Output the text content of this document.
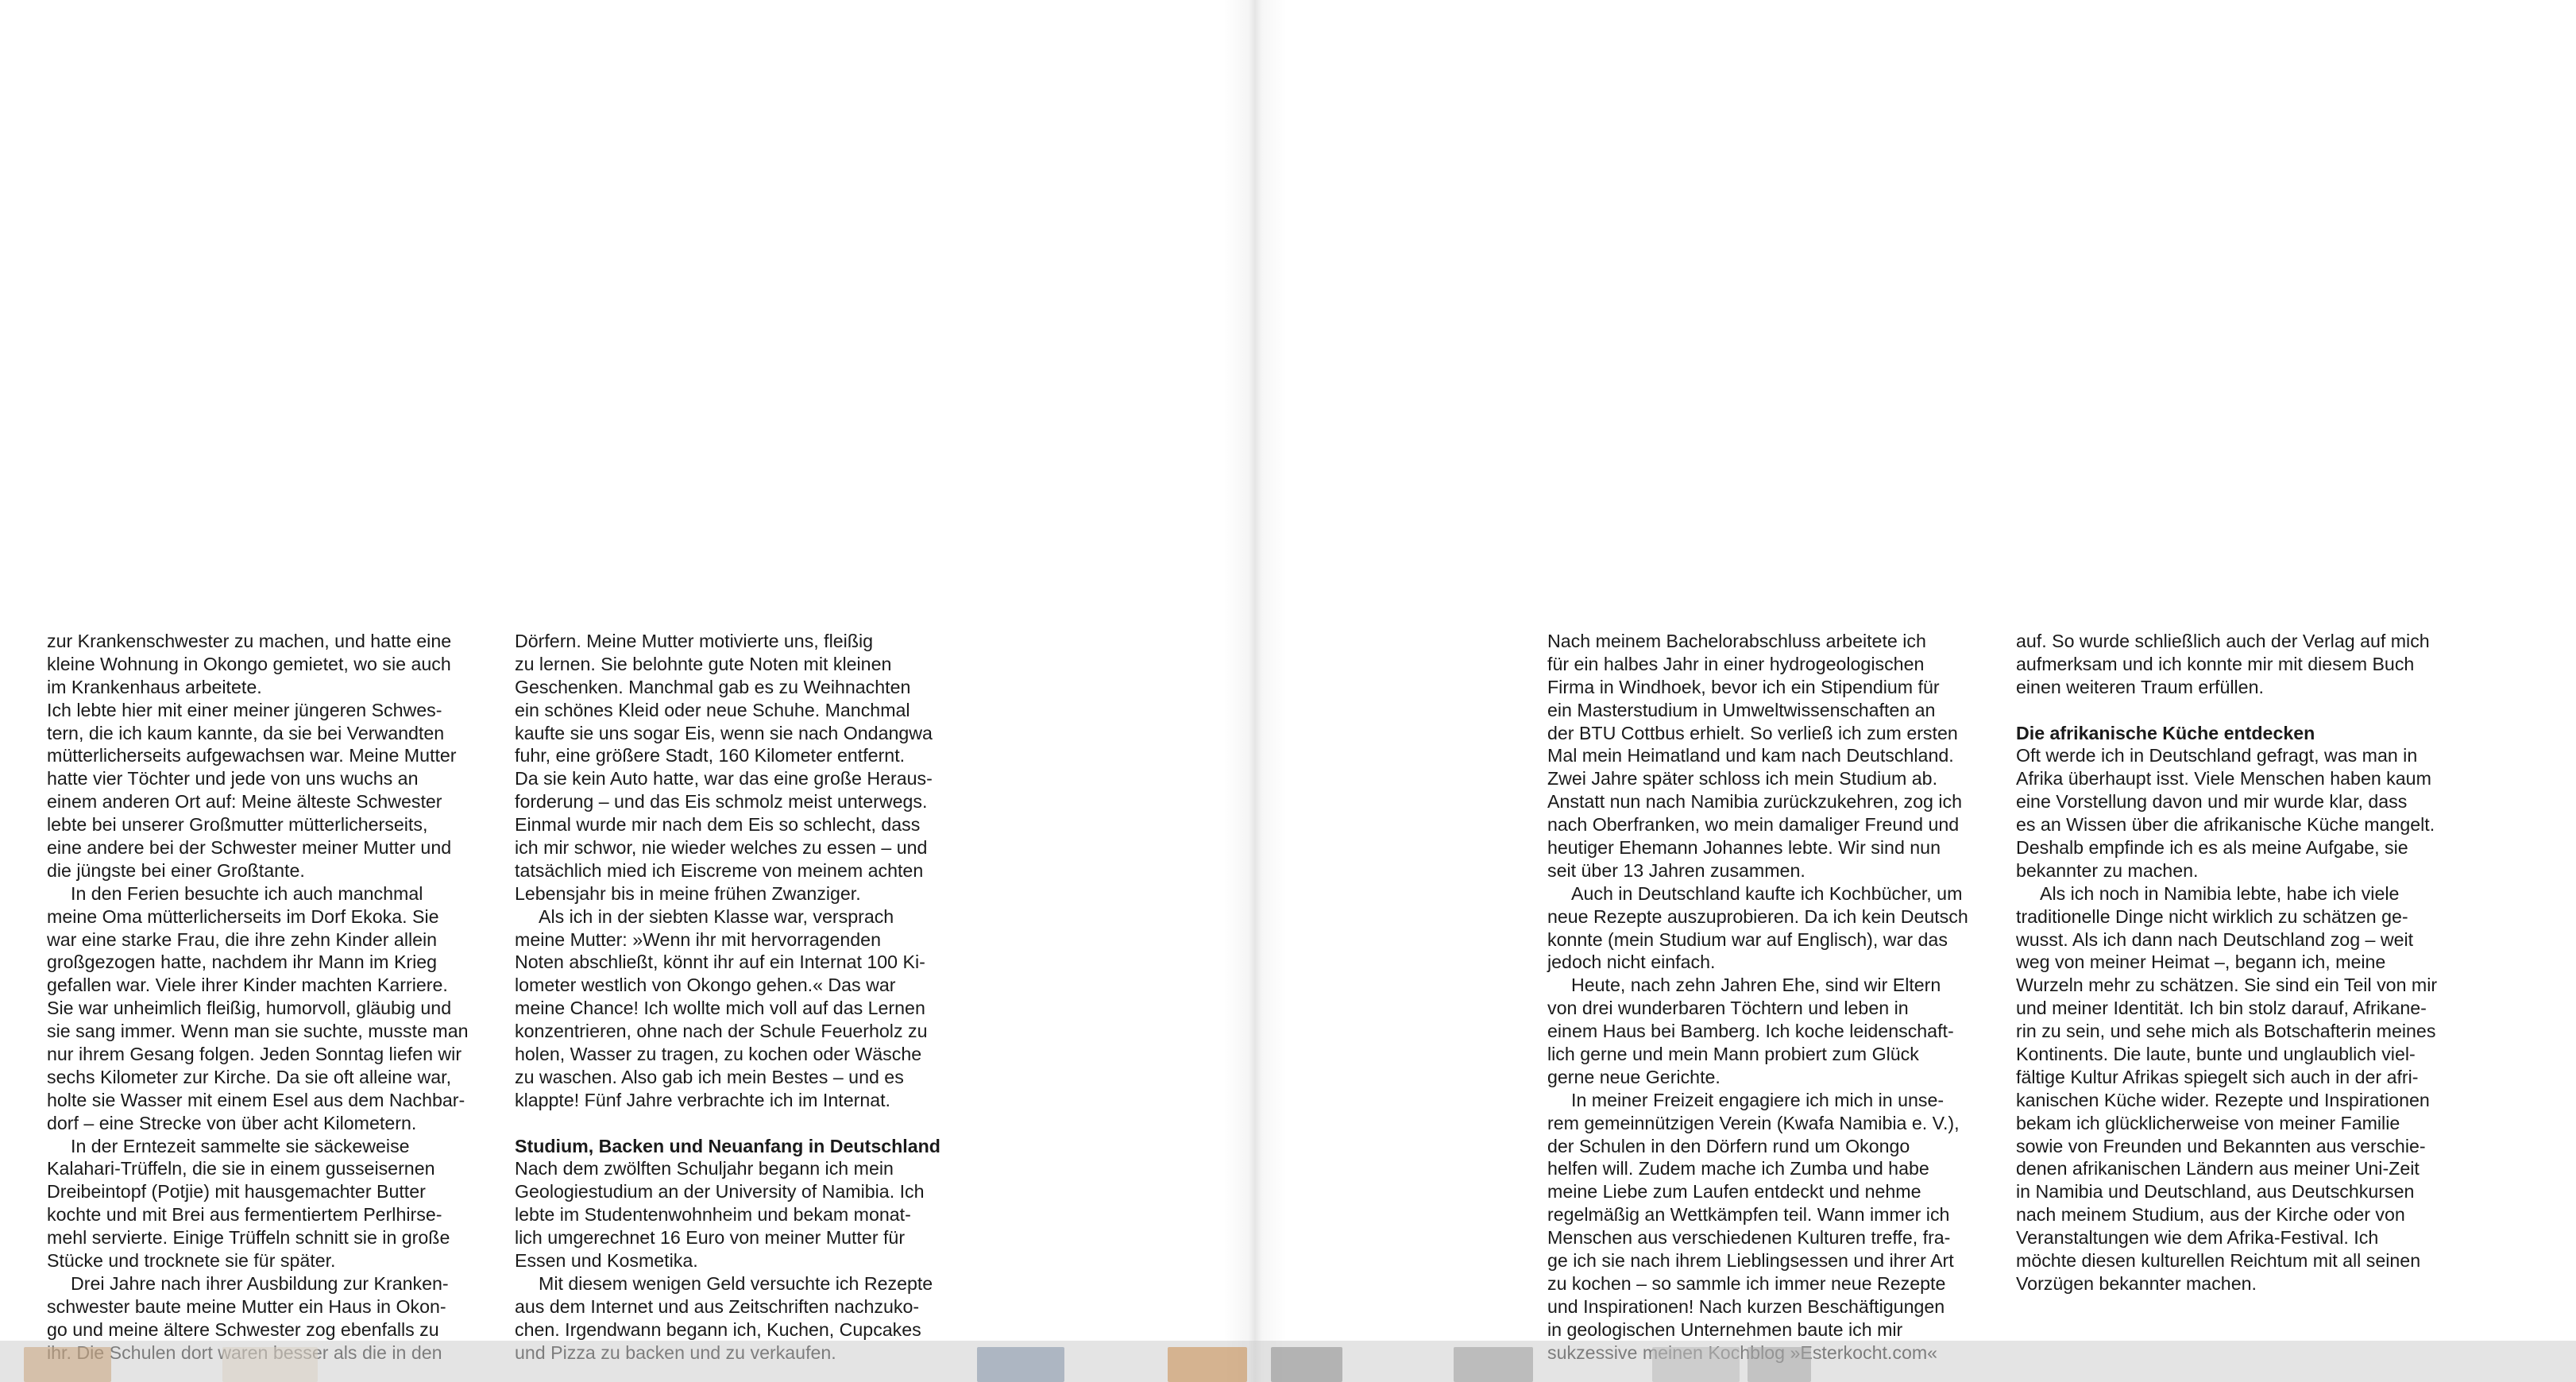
zur Krankenschwester zu machen, und hatte eine
kleine Wohnung in Okongo gemietet, wo sie auch
im Krankenhaus arbeitete.
Ich lebte hier mit einer meiner jüngeren Schwes-
tern, die ich kaum kannte, da sie bei Verwandten
mütterlicherseits aufgewachsen war. Meine Mutter
hatte vier Töchter und jede von uns wuchs an
einem anderen Ort auf: Meine älteste Schwester
lebte bei unserer Großmutter mütterlicherseits,
eine andere bei der Schwester meiner Mutter und
die jüngste bei einer Großtante.
In den Ferien besuchte ich auch manchmal
meine Oma mütterlicherseits im Dorf Ekoka. Sie
war eine starke Frau, die ihre zehn Kinder allein
großgezogen hatte, nachdem ihr Mann im Krieg
gefallen war. Viele ihrer Kinder machten Karriere.
Sie war unheimlich fleißig, humorvoll, gläubig und
sie sang immer. Wenn man sie suchte, musste man
nur ihrem Gesang folgen. Jeden Sonntag liefen wir
sechs Kilometer zur Kirche. Da sie oft alleine war,
holte sie Wasser mit einem Esel aus dem Nachbar-
dorf – eine Strecke von über acht Kilometern.
In der Erntezeit sammelte sie säckeweise
Kalahari-Trüffeln, die sie in einem gusseisernen
Dreibeintopf (Potjie) mit hausgemachter Butter
kochte und mit Brei aus fermentiertem Perlhirse-
mehl servierte. Einige Trüffeln schnitt sie in große
Stücke und trocknete sie für später.
Drei Jahre nach ihrer Ausbildung zur Kranken-
schwester baute meine Mutter ein Haus in Okon-
go und meine ältere Schwester zog ebenfalls zu
Dörfern. Meine Mutter motivierte uns, fleißig
zu lernen. Sie belohnte gute Noten mit kleinen
Geschenken. Manchmal gab es zu Weihnachten
ein schönes Kleid oder neue Schuhe. Manchmal
kaufte sie uns sogar Eis, wenn sie nach Ondangwa
fuhr, eine größere Stadt, 160 Kilometer entfernt.
Da sie kein Auto hatte, war das eine große Heraus-
forderung – und das Eis schmolz meist unterwegs.
Einmal wurde mir nach dem Eis so schlecht, dass
ich mir schwor, nie wieder welches zu essen – und
tatsächlich mied ich Eiscreme von meinem achten
Lebensjahr bis in meine frühen Zwanziger.
Als ich in der siebten Klasse war, versprach
meine Mutter: »Wenn ihr mit hervorragenden
Noten abschließt, könnt ihr auf ein Internat 100 Ki-
lometer westlich von Okongo gehen.« Das war
meine Chance! Ich wollte mich voll auf das Lernen
konzentrieren, ohne nach der Schule Feuerholz zu
holen, Wasser zu tragen, zu kochen oder Wäsche
zu waschen. Also gab ich mein Bestes – und es
klappte! Fünf Jahre verbrachte ich im Internat.
Studium, Backen und Neuanfang in Deutschland
Nach dem zwölften Schuljahr begann ich mein
Geologiestudium an der University of Namibia. Ich
lebte im Studentenwohnheim und bekam monat-
lich umgerechnet 16 Euro von meiner Mutter für
Essen und Kosmetika.
Mit diesem wenigen Geld versuchte ich Rezepte
aus dem Internet und aus Zeitschriften nachzuko-
chen. Irgendwann begann ich, Kuchen, Cupcakes
Nach meinem Bachelorabschluss arbeitete ich
für ein halbes Jahr in einer hydrogeologischen
Firma in Windhoek, bevor ich ein Stipendium für
ein Masterstudium in Umweltwissenschaften an
der BTU Cottbus erhielt. So verließ ich zum ersten
Mal mein Heimatland und kam nach Deutschland.
Zwei Jahre später schloss ich mein Studium ab.
Anstatt nun nach Namibia zurückzukehren, zog ich
nach Oberfranken, wo mein damaliger Freund und
heutiger Ehemann Johannes lebte. Wir sind nun
seit über 13 Jahren zusammen.
Auch in Deutschland kaufte ich Kochbücher, um
neue Rezepte auszuprobieren. Da ich kein Deutsch
konnte (mein Studium war auf Englisch), war das
jedoch nicht einfach.
Heute, nach zehn Jahren Ehe, sind wir Eltern
von drei wunderbaren Töchtern und leben in
einem Haus bei Bamberg. Ich koche leidenschaft-
lich gerne und mein Mann probiert zum Glück
gerne neue Gerichte.
In meiner Freizeit engagiere ich mich in unse-
rem gemeinnützigen Verein (Kwafa Namibia e. V.),
der Schulen in den Dörfern rund um Okongo
helfen will. Zudem mache ich Zumba und habe
meine Liebe zum Laufen entdeckt und nehme
regelmäßig an Wettkämpfen teil. Wann immer ich
Menschen aus verschiedenen Kulturen treffe, fra-
ge ich sie nach ihrem Lieblingsessen und ihrer Art
zu kochen – so sammle ich immer neue Rezepte
und Inspirationen! Nach kurzen Beschäftigungen
in geologischen Unternehmen baute ich mir
auf. So wurde schließlich auch der Verlag auf mich
aufmerksam und ich konnte mir mit diesem Buch
einen weiteren Traum erfüllen.
Die afrikanische Küche entdecken
Oft werde ich in Deutschland gefragt, was man in
Afrika überhaupt isst. Viele Menschen haben kaum
eine Vorstellung davon und mir wurde klar, dass
es an Wissen über die afrikanische Küche mangelt.
Deshalb empfinde ich es als meine Aufgabe, sie
bekannter zu machen.
Als ich noch in Namibia lebte, habe ich viele
traditionelle Dinge nicht wirklich zu schätzen ge-
wusst. Als ich dann nach Deutschland zog – weit
weg von meiner Heimat –, begann ich, meine
Wurzeln mehr zu schätzen. Sie sind ein Teil von mir
und meiner Identität. Ich bin stolz darauf, Afrikane-
rin zu sein, und sehe mich als Botschafterin meines
Kontinents. Die laute, bunte und unglaublich viel-
fältige Kultur Afrikas spiegelt sich auch in der afri-
kanischen Küche wider. Rezepte und Inspirationen
bekam ich glücklicherweise von meiner Familie
sowie von Freunden und Bekannten aus verschie-
denen afrikanischen Ländern aus meiner Uni-Zeit
in Namibia und Deutschland, aus Deutschkursen
nach meinem Studium, aus der Kirche oder von
Veranstaltungen wie dem Afrika-Festival. Ich
möchte diesen kulturellen Reichtum mit all seinen
Vorzügen bekannter machen.
